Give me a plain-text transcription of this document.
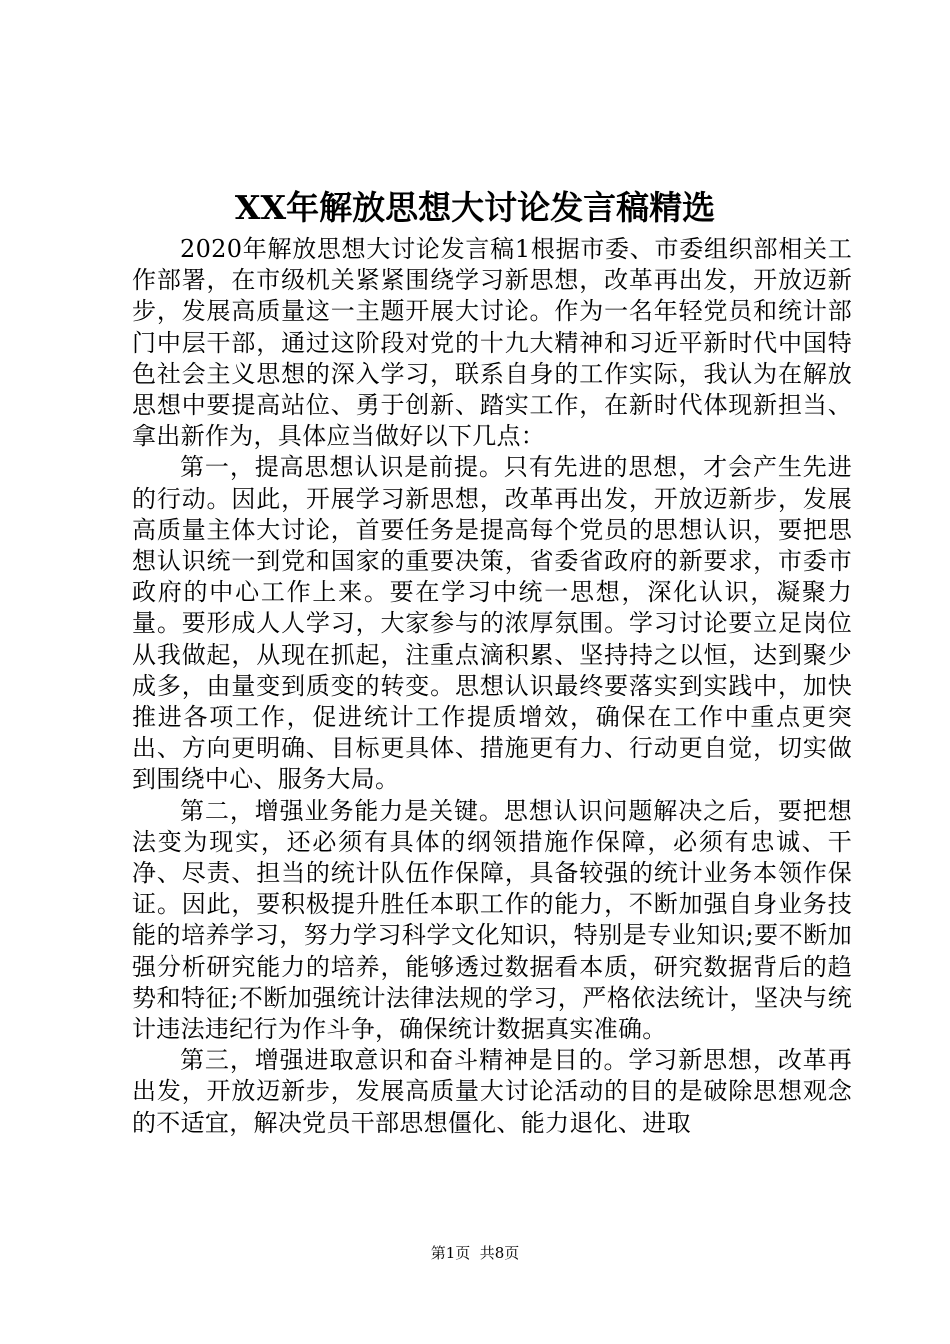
XX年解放思想大讨论发言稿精选

2020年解放思想大讨论发言稿1根据市委、市委组织部相关工作部署，在市级机关紧紧围绕学习新思想，改革再出发，开放迈新步，发展高质量这一主题开展大讨论。作为一名年轻党员和统计部门中层干部，通过这阶段对党的十九大精神和习近平新时代中国特色社会主义思想的深入学习，联系自身的工作实际，我认为在解放思想中要提高站位、勇于创新、踏实工作，在新时代体现新担当、拿出新作为，具体应当做好以下几点：

第一，提高思想认识是前提。只有先进的思想，才会产生先进的行动。因此，开展学习新思想，改革再出发，开放迈新步，发展高质量主体大讨论，首要任务是提高每个党员的思想认识，要把思想认识统一到党和国家的重要决策，省委省政府的新要求，市委市政府的中心工作上来。要在学习中统一思想，深化认识，凝聚力量。要形成人人学习，大家参与的浓厚氛围。学习讨论要立足岗位从我做起，从现在抓起，注重点滴积累、坚持持之以恒，达到聚少成多，由量变到质变的转变。思想认识最终要落实到实践中，加快推进各项工作，促进统计工作提质增效，确保在工作中重点更突出、方向更明确、目标更具体、措施更有力、行动更自觉，切实做到围绕中心、服务大局。

第二，增强业务能力是关键。思想认识问题解决之后，要把想法变为现实，还必须有具体的纲领措施作保障，必须有忠诚、干净、尽责、担当的统计队伍作保障，具备较强的统计业务本领作保证。因此，要积极提升胜任本职工作的能力，不断加强自身业务技能的培养学习，努力学习科学文化知识，特别是专业知识;要不断加强分析研究能力的培养，能够透过数据看本质，研究数据背后的趋势和特征;不断加强统计法律法规的学习，严格依法统计，坚决与统计违法违纪行为作斗争，确保统计数据真实准确。

第三，增强进取意识和奋斗精神是目的。学习新思想，改革再出发，开放迈新步，发展高质量大讨论活动的目的是破除思想观念的不适宜，解决党员干部思想僵化、能力退化、进取

第1页  共8页
